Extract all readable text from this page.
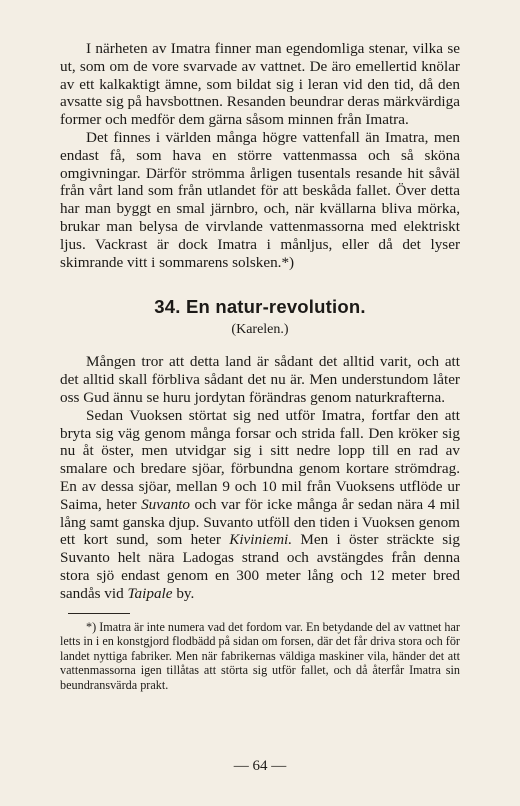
I närheten av Imatra finner man egendomliga stenar, vilka se ut, som om de vore svarvade av vattnet. De äro emellertid knölar av ett kalkaktigt ämne, som bildat sig i leran vid den tid, då den avsatte sig på havsbottnen. Resanden beundrar deras märkvärdiga former och medför dem gärna såsom minnen från Imatra.

Det finnes i världen många högre vattenfall än Imatra, men endast få, som hava en större vattenmassa och så sköna omgivningar. Därför strömma årligen tusentals resande hit såväl från vårt land som från utlandet för att beskåda fallet. Över detta har man byggt en smal järnbro, och, när kvällarna bliva mörka, brukar man belysa de virvlande vattenmassorna med elektriskt ljus. Vackrast är dock Imatra i månljus, eller då det lyser skimrande vitt i sommarens solsken.*)

34. En natur-revolution.
(Karelen.)

Mången tror att detta land är sådant det alltid varit, och att det alltid skall förbliva sådant det nu är. Men understundom låter oss Gud ännu se huru jordytan förändras genom naturkrafterna.

Sedan Vuoksen störtat sig ned utför Imatra, fortfar den att bryta sig väg genom många forsar och strida fall. Den kröker sig nu åt öster, men utvidgar sig i sitt nedre lopp till en rad av smalare och bredare sjöar, förbundna genom kortare strömdrag. En av dessa sjöar, mellan 9 och 10 mil från Vuoksens utflöde ur Saima, heter Suvanto och var för icke många år sedan nära 4 mil lång samt ganska djup. Suvanto utföll den tiden i Vuoksen genom ett kort sund, som heter Kiviniemi. Men i öster sträckte sig Suvanto helt nära Ladogas strand och avstängdes från denna stora sjö endast genom en 300 meter lång och 12 meter bred sandås vid Taipale by.

*) Imatra är inte numera vad det fordom var. En betydande del av vattnet har letts in i en konstgjord flodbädd på sidan om forsen, där det får driva stora och för landet nyttiga fabriker. Men när fabrikernas väldiga maskiner vila, händer det att vattenmassorna igen tillåtas att störta sig utför fallet, och då återfår Imatra sin beundransvärda prakt.

— 64 —
